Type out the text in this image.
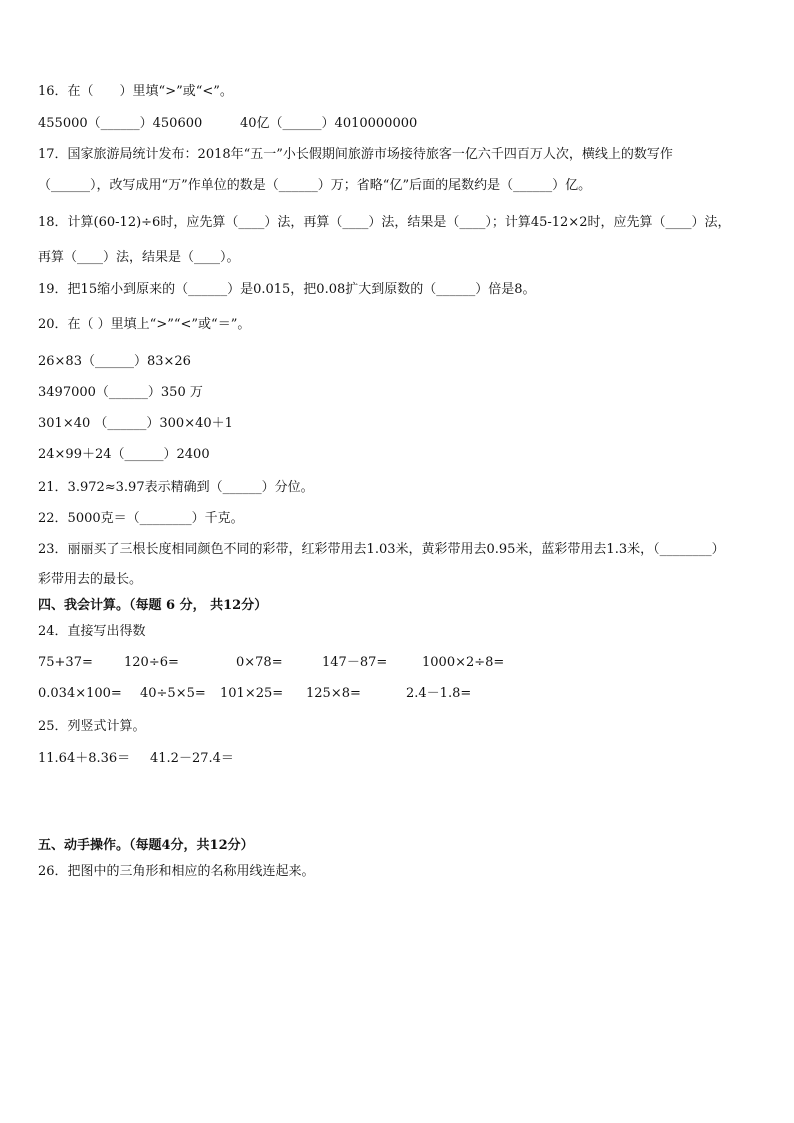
16．在（　　）里填“>”或“<”。
455000（______）450600	40亿（______）4010000000
17．国家旅游局统计发布：2018年“五一”小长假期间旅游市场接待旅客一亿六千四百万人次，横线上的数写作
（______），改写成用“万”作单位的数是（______）万；省略“亿”后面的尾数约是（______）亿。
18．计算(60-12)÷6时，应先算（____）法，再算（____）法，结果是（____）；计算45-12×2时，应先算（____）法，
再算（____）法，结果是（____）。
19．把15缩小到原来的（______）是0.015，把0.08扩大到原数的（______）倍是8。
20．在（ ）里填上“>”“<”或“＝”。
26×83（______）83×26
3497000（______）350 万
301×40 （______）300×40＋1
24×99＋24（______）2400
21．3.972≈3.97表示精确到（______）分位。
22．5000克＝（________）千克。
23．丽丽买了三根长度相同颜色不同的彩带，红彩带用去1.03米，黄彩带用去0.95米，蓝彩带用去1.3米，（________）
彩带用去的最长。
四、我会计算。（每题 6 分， 共12分）
24．直接写出得数
75+37= 120÷6=	0×78=	147－87=	1000×2÷8=
0.034×100= 40÷5×5= 101×25= 125×8=	2.4－1.8=
25．列竖式计算。
11.64＋8.36＝ 41.2－27.4＝
五、动手操作。（每题4分，共12分）
26．把图中的三角形和相应的名称用线连起来。
